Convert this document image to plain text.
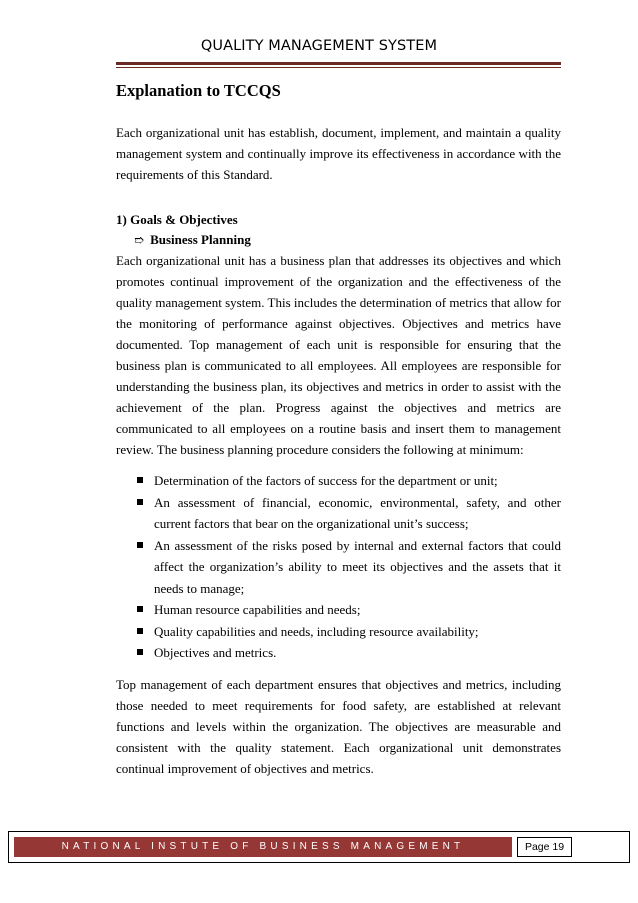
QUALITY MANAGEMENT SYSTEM
Explanation to TCCQS

Each organizational unit has establish, document, implement, and maintain a quality management system and continually improve its effectiveness in accordance with the requirements of this Standard.

1) Goals & Objectives
➱ Business Planning

Each organizational unit has a business plan that addresses its objectives and which promotes continual improvement of the organization and the effectiveness of the quality management system. This includes the determination of metrics that allow for the monitoring of performance against objectives. Objectives and metrics have documented. Top management of each unit is responsible for ensuring that the business plan is communicated to all employees. All employees are responsible for understanding the business plan, its objectives and metrics in order to assist with the achievement of the plan. Progress against the objectives and metrics are communicated to all employees on a routine basis and insert them to management review. The business planning procedure considers the following at minimum:

Determination of the factors of success for the department or unit;
An assessment of financial, economic, environmental, safety, and other current factors that bear on the organizational unit’s success;
An assessment of the risks posed by internal and external factors that could affect the organization’s ability to meet its objectives and the assets that it needs to manage;
Human resource capabilities and needs;
Quality capabilities and needs, including resource availability;
Objectives and metrics.

Top management of each department ensures that objectives and metrics, including those needed to meet requirements for food safety, are established at relevant functions and levels within the organization. The objectives are measurable and consistent with the quality statement. Each organizational unit demonstrates continual improvement of objectives and metrics.

NATIONAL INSTUTE OF BUSINESS MANAGEMENT	Page 19
